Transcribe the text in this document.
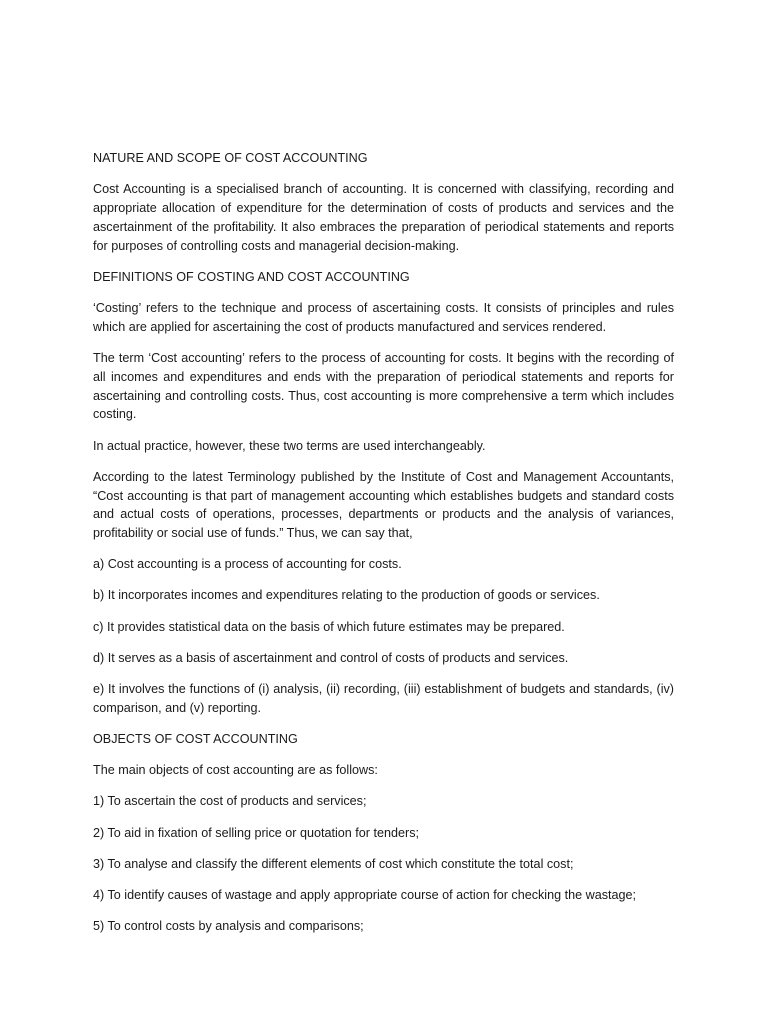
NATURE AND SCOPE OF COST ACCOUNTING

Cost Accounting is a specialised branch of accounting. It is concerned with classifying, recording and appropriate allocation of expenditure for the determination of costs of products and services and the ascertainment of the profitability. It also embraces the preparation of periodical statements and reports for purposes of controlling costs and managerial decision-making.

DEFINITIONS OF COSTING AND COST ACCOUNTING

‘Costing’ refers to the technique and process of ascertaining costs. It consists of principles and rules which are applied for ascertaining the cost of products manufactured and services rendered.

The term ‘Cost accounting’ refers to the process of accounting for costs. It begins with the recording of all incomes and expenditures and ends with the preparation of periodical statements and reports for ascertaining and controlling costs. Thus, cost accounting is more comprehensive a term which includes costing.

In actual practice, however, these two terms are used interchangeably.

According to the latest Terminology published by the Institute of Cost and Management Accountants, “Cost accounting is that part of management accounting which establishes budgets and standard costs and actual costs of operations, processes, departments or products and the analysis of variances, profitability or social use of funds.” Thus, we can say that,

a) Cost accounting is a process of accounting for costs.

b) It incorporates incomes and expenditures relating to the production of goods or services.

c) It provides statistical data on the basis of which future estimates may be prepared.

d) It serves as a basis of ascertainment and control of costs of products and services.

e) It involves the functions of (i) analysis, (ii) recording, (iii) establishment of budgets and standards, (iv) comparison, and (v) reporting.

OBJECTS OF COST ACCOUNTING

The main objects of cost accounting are as follows:

1) To ascertain the cost of products and services;

2) To aid in fixation of selling price or quotation for tenders;

3) To analyse and classify the different elements of cost which constitute the total cost;

4) To identify causes of wastage and apply appropriate course of action for checking the wastage;

5) To control costs by analysis and comparisons;
